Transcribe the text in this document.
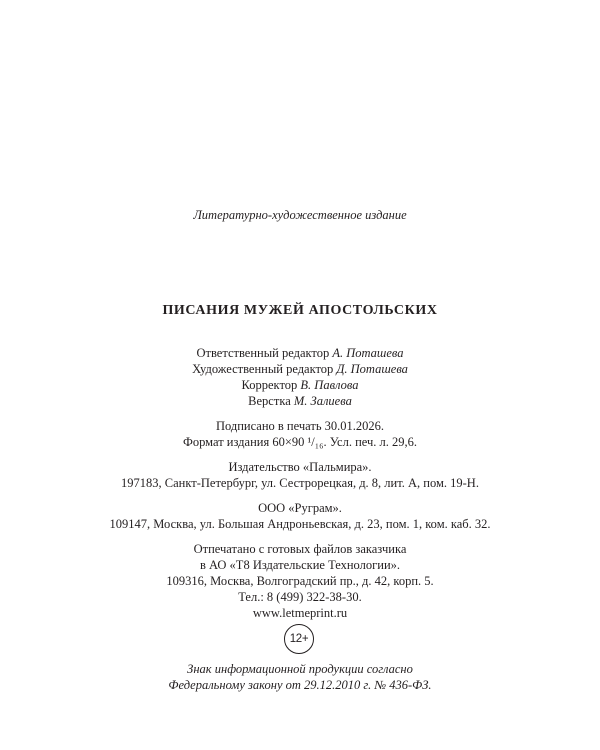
Литературно-художественное издание
ПИСАНИЯ МУЖЕЙ АПОСТОЛЬСКИХ
Ответственный редактор А. Поташева
Художественный редактор Д. Поташева
Корректор В. Павлова
Верстка М. Залиева
Подписано в печать 30.01.2026.
Формат издания 60×90 ¹/₁₆. Усл. печ. л. 29,6.
Издательство «Пальмира».
197183, Санкт-Петербург, ул. Сестрорецкая, д. 8, лит. А, пом. 19-Н.
ООО «Руграм».
109147, Москва, ул. Большая Андроньевская, д. 23, пом. 1, ком. каб. 32.
Отпечатано с готовых файлов заказчика
в АО «Т8 Издательские Технологии».
109316, Москва, Волгоградский пр., д. 42, корп. 5.
Тел.: 8 (499) 322-38-30.
www.letmeprint.ru
12+
Знак информационной продукции согласно
Федеральному закону от 29.12.2010 г. № 436-ФЗ.
